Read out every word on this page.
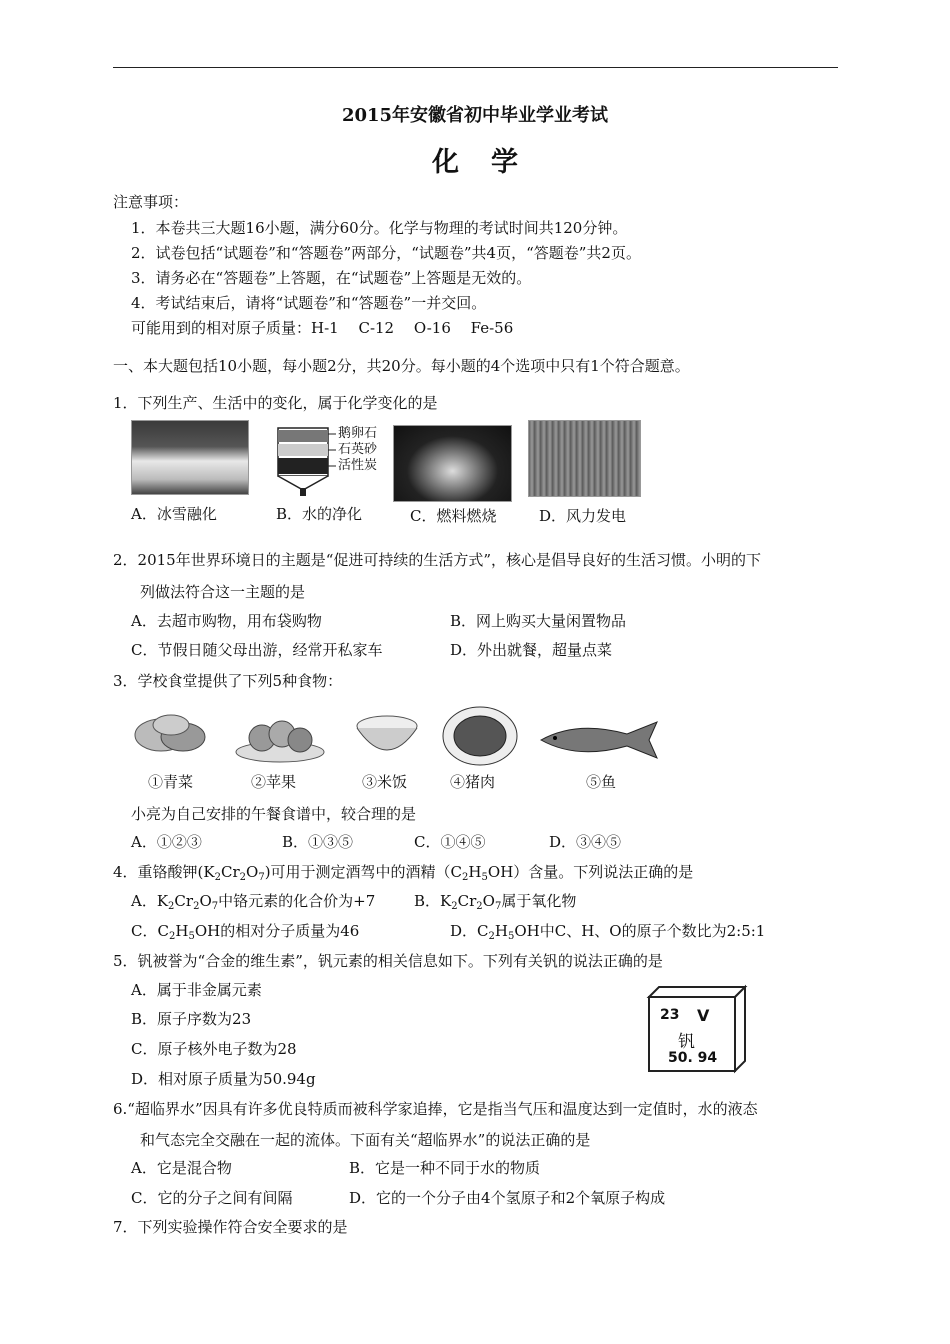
2015年安徽省初中毕业学业考试
化学
注意事项：
1．本卷共三大题16小题，满分60分。化学与物理的考试时间共120分钟。
2．试卷包括“试题卷”和“答题卷”两部分，“试题卷”共4页，“答题卷”共2页。
3．请务必在“答题卷”上答题，在“试题卷”上答题是无效的。
4．考试结束后，请将“试题卷”和“答题卷”一并交回。
可能用到的相对原子质量：H-1　 C-12　 O-16　 Fe-56
一、本大题包括10小题，每小题2分，共20分。每小题的4个选项中只有1个符合题意。
1．下列生产、生活中的变化，属于化学变化的是
鹅卵石
石英砂
活性炭
A．冰雪融化	B．水的净化	C．燃料燃烧	D．风力发电
2．2015年世界环境日的主题是“促进可持续的生活方式”，核心是倡导良好的生活习惯。小明的下
列做法符合这一主题的是
A．去超市购物，用布袋购物	B．网上购买大量闲置物品
C．节假日随父母出游，经常开私家车	D．外出就餐，超量点菜
3．学校食堂提供了下列5种食物：
①青菜	②苹果	③米饭	④猪肉	⑤鱼
小亮为自己安排的午餐食谱中，较合理的是
A．①②③	B．①③⑤	C．①④⑤	D．③④⑤
4．重铬酸钾$(K_2Cr_2O_7)$可用于测定酒驾中的酒精$(C_2H_5OH)$含量。下列说法正确的是
A．$K_2Cr_2O_7$中铬元素的化合价为+7	B．$K_2Cr_2O_7$属于氧化物
C．$C_2H_5OH$的相对分子质量为46	D．$C_2H_5OH$中C、H、O的原子个数比为2:5:1
5．钒被誉为“合金的维生素”，钒元素的相关信息如下。下列有关钒的说法正确的是
A．属于非金属元素
B．原子序数为23
C．原子核外电子数为28
D．相对原子质量为50.94g
23 V
钒
50. 94
6.“超临界水”因具有许多优良特质而被科学家追捧，它是指当气压和温度达到一定值时，水的液态
和气态完全交融在一起的流体。下面有关“超临界水”的说法正确的是
A．它是混合物	B．它是一种不同于水的物质
C．它的分子之间有间隔	D．它的一个分子由4个氢原子和2个氧原子构成
7．下列实验操作符合安全要求的是
